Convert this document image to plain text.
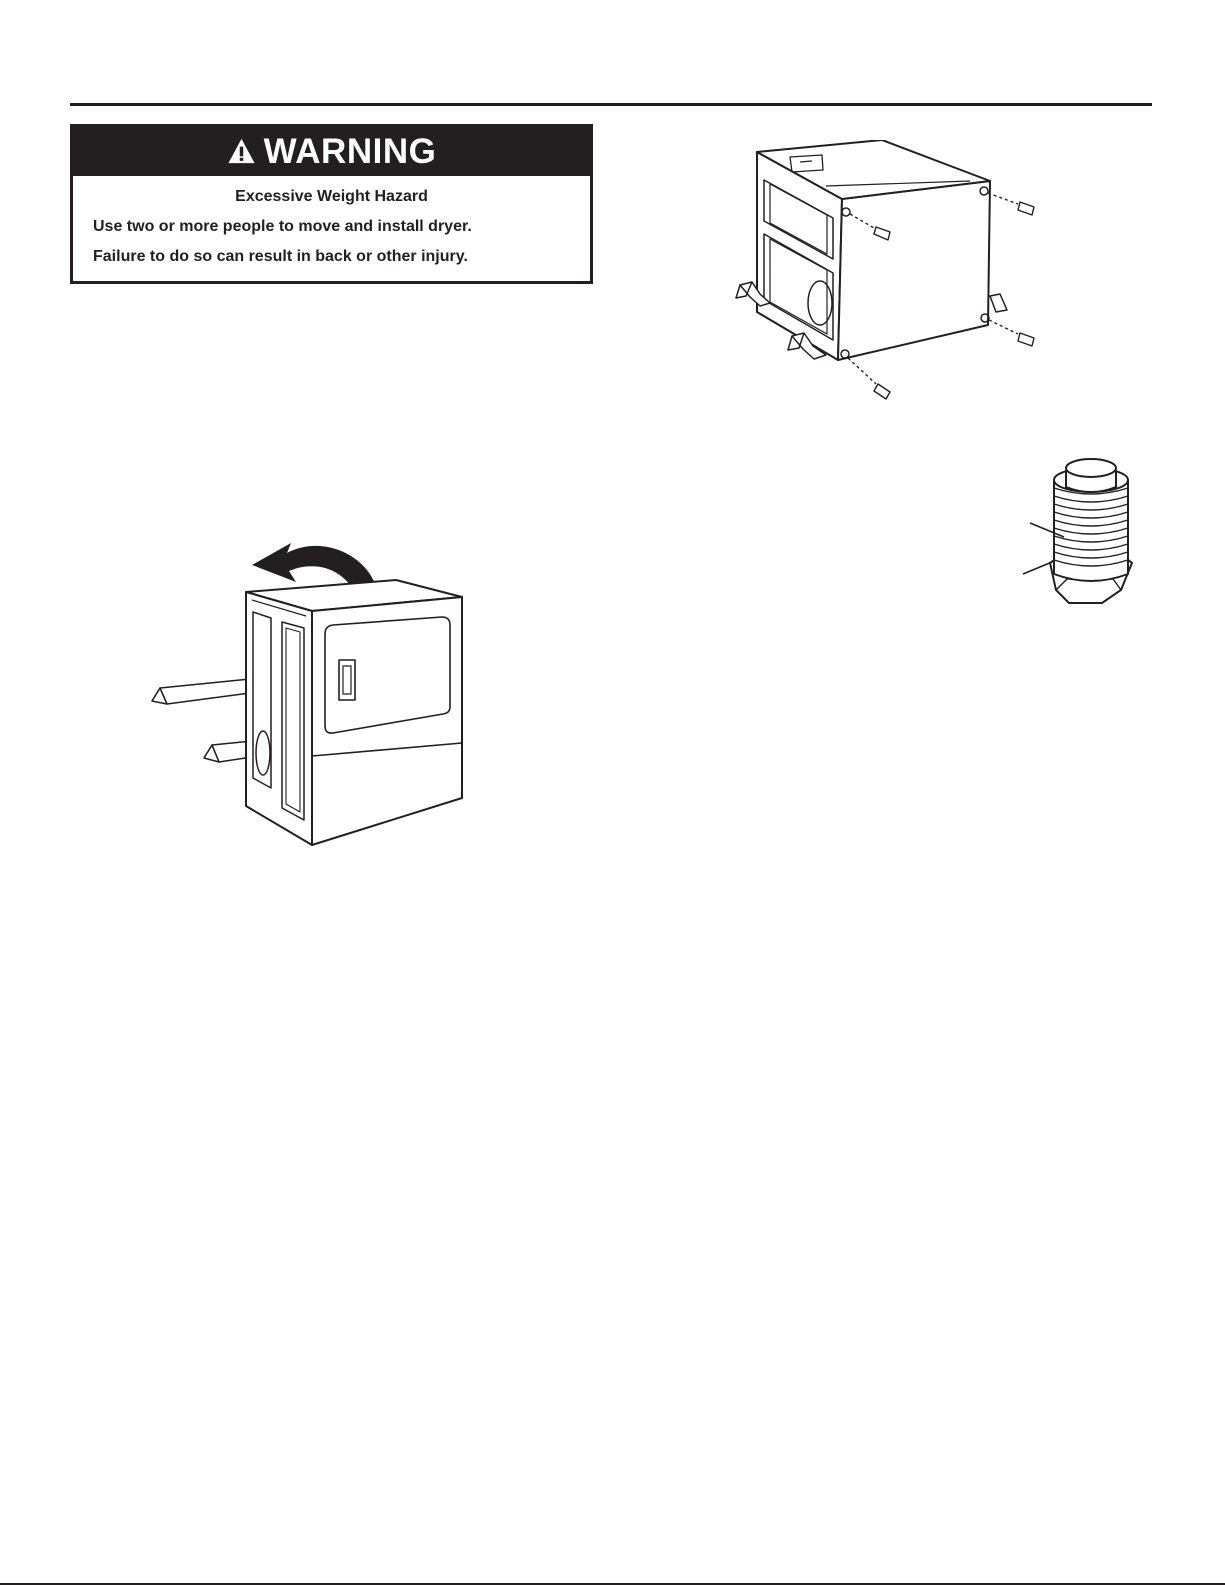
WARNING
Excessive Weight Hazard
Use two or more people to move and install dryer.
Failure to do so can result in back or other injury.
